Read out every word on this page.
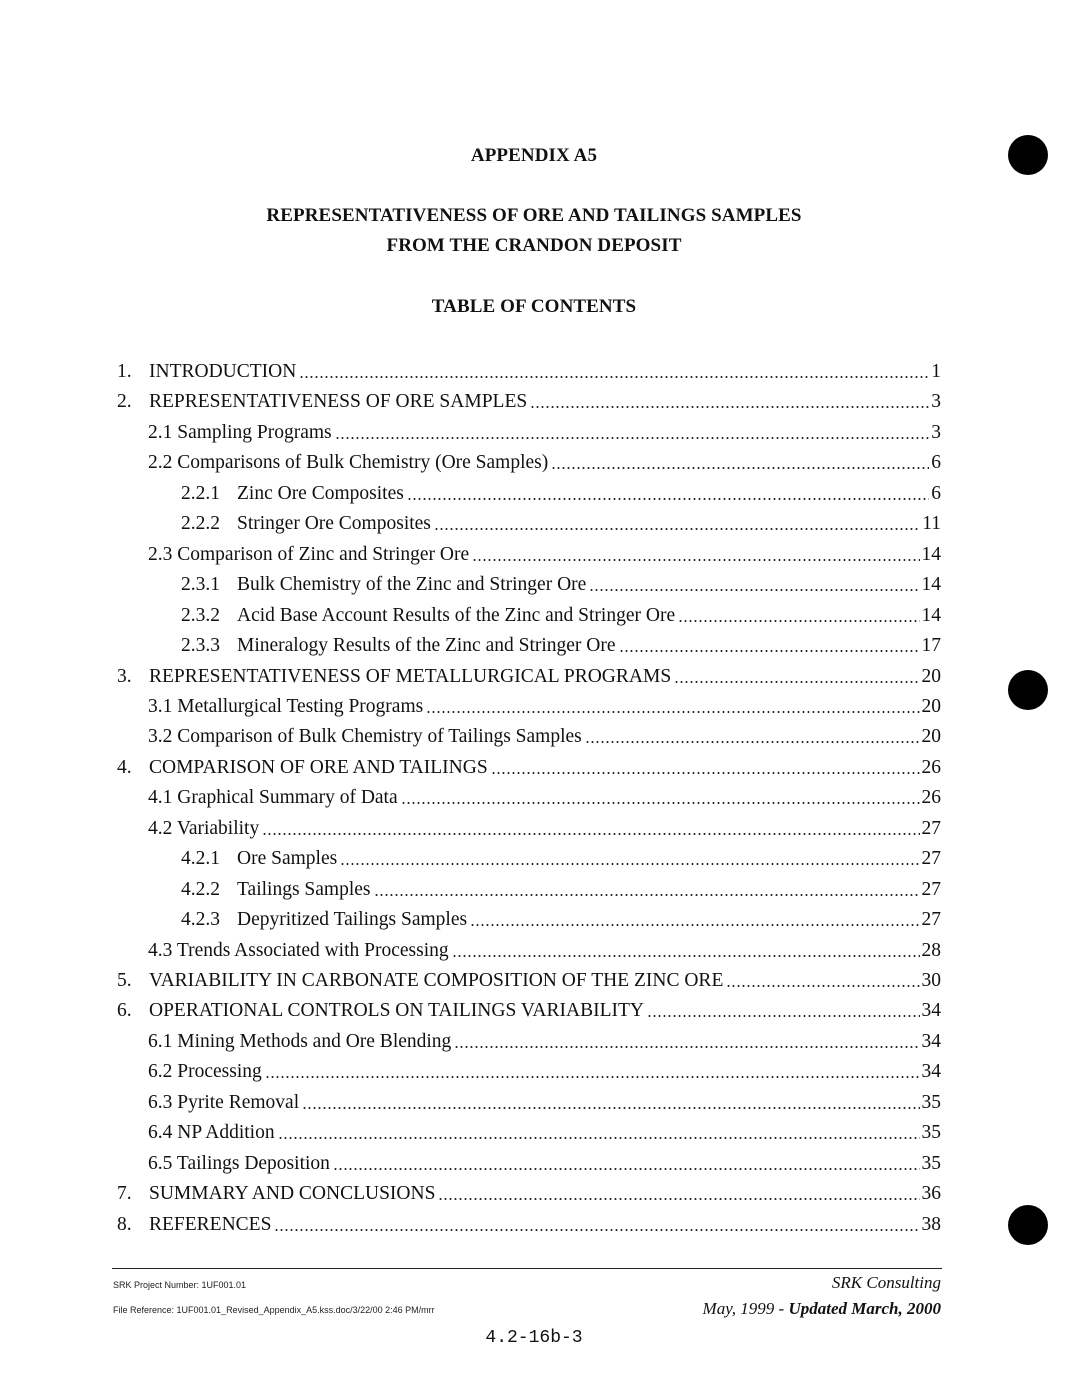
APPENDIX A5
REPRESENTATIVENESS OF ORE AND TAILINGS SAMPLES
FROM THE CRANDON DEPOSIT
TABLE OF CONTENTS
1. INTRODUCTION	1
2. REPRESENTATIVENESS OF ORE SAMPLES	3
2.1 Sampling Programs	3
2.2 Comparisons of Bulk Chemistry (Ore Samples)	6
2.2.1 Zinc Ore Composites	6
2.2.2 Stringer Ore Composites	11
2.3 Comparison of Zinc and Stringer Ore	14
2.3.1 Bulk Chemistry of the Zinc and Stringer Ore	14
2.3.2 Acid Base Account Results of the Zinc and Stringer Ore	14
2.3.3 Mineralogy Results of the Zinc and Stringer Ore	17
3. REPRESENTATIVENESS OF METALLURGICAL PROGRAMS	20
3.1 Metallurgical Testing Programs	20
3.2 Comparison of Bulk Chemistry of Tailings Samples	20
4. COMPARISON OF ORE AND TAILINGS	26
4.1 Graphical Summary of Data	26
4.2 Variability	27
4.2.1 Ore Samples	27
4.2.2 Tailings Samples	27
4.2.3 Depyritized Tailings Samples	27
4.3 Trends Associated with Processing	28
5. VARIABILITY IN CARBONATE COMPOSITION OF THE ZINC ORE	30
6. OPERATIONAL CONTROLS ON TAILINGS VARIABILITY	34
6.1 Mining Methods and Ore Blending	34
6.2 Processing	34
6.3 Pyrite Removal	35
6.4 NP Addition	35
6.5 Tailings Deposition	35
7. SUMMARY AND CONCLUSIONS	36
8. REFERENCES	38
SRK Project Number: 1UF001.01
File Reference: 1UF001.01_Revised_Appendix_A5.kss.doc/3/22/00 2:46 PM/mrr
SRK Consulting
May, 1999 - Updated March, 2000
4.2-16b-3
